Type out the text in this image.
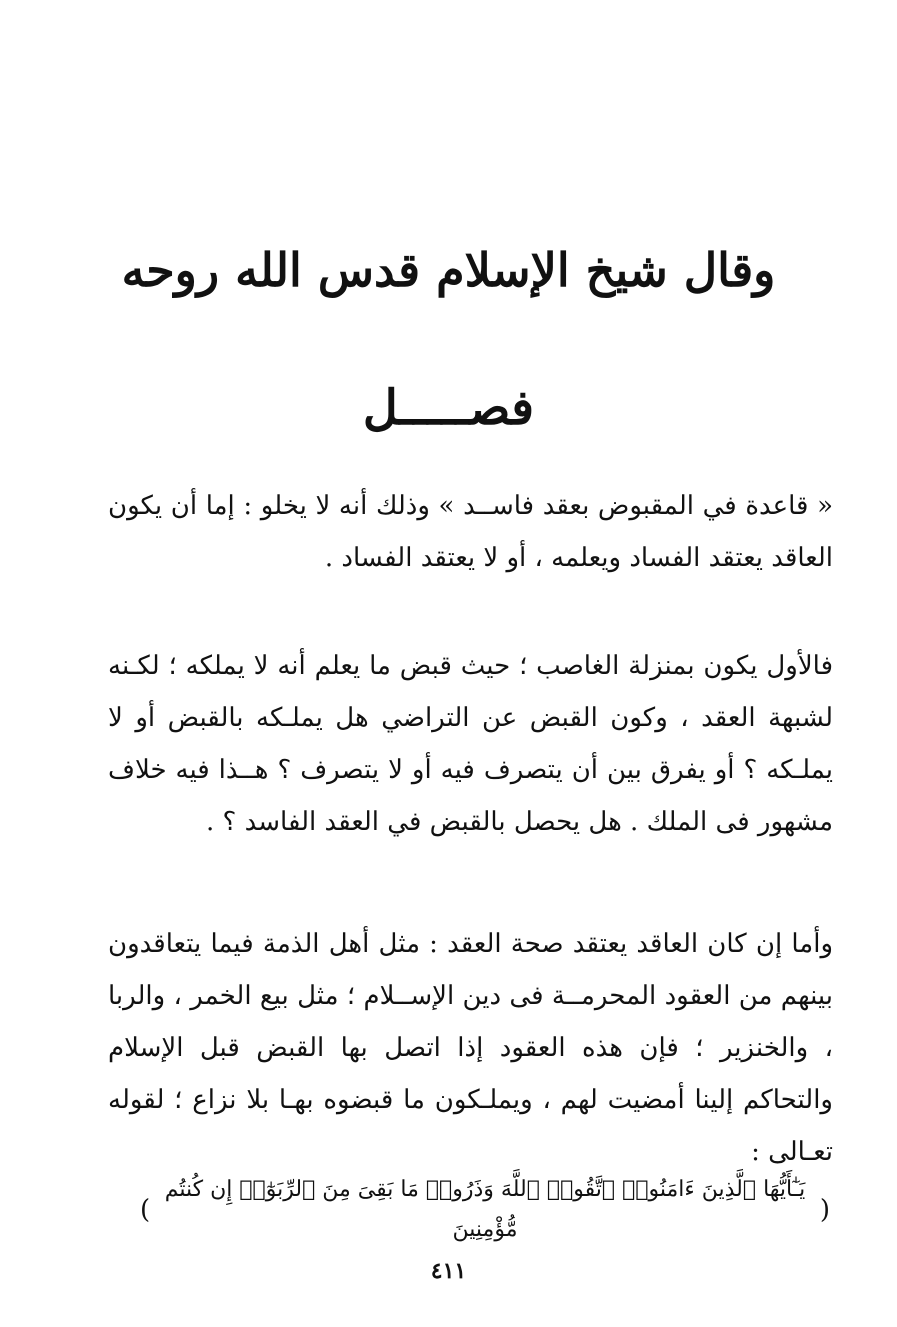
وقال شيخ الإسلام قدس الله روحه
فصـــــل

« قاعدة في المقبوض بعقد فاســد » وذلك أنه لا يخلو : إما أن يكون العاقد يعتقد الفساد ويعلمه ، أو لا يعتقد الفساد .

فالأول يكون بمنزلة الغاصب ؛ حيث قبض ما يعلم أنه لا يملكه ؛ لكـنه لشبهة العقد ، وكون القبض عن التراضي هل يملـكه بالقبض أو لا يملـكه ؟ أو يفرق بين أن يتصرف فيه أو لا يتصرف ؟ هــذا فيه خلاف مشهور فى الملك . هل يحصل بالقبض في العقد الفاسد ؟ .

وأما إن كان العاقد يعتقد صحة العقد : مثل أهل الذمة فيما يتعاقدون بينهم من العقود المحرمــة فى دين الإســلام ؛ مثل بيع الخمر ، والربا ، والخنزير ؛ فإن هذه العقود إذا اتصل بها القبض قبل الإسلام والتحاكم إلينا أمضيت لهم ، ويملـكون ما قبضوه بهـا بلا نزاع ؛ لقوله تعـالى :

(
يَـٰٓأَيُّهَا ٱلَّذِينَ ءَامَنُوا۟ ٱتَّقُوا۟ ٱللَّهَ وَذَرُوا۟ مَا بَقِىَ مِنَ ٱلرِّبَوٰٓا۟ إِن كُنتُم مُّؤْمِنِينَ
)
٤١١
